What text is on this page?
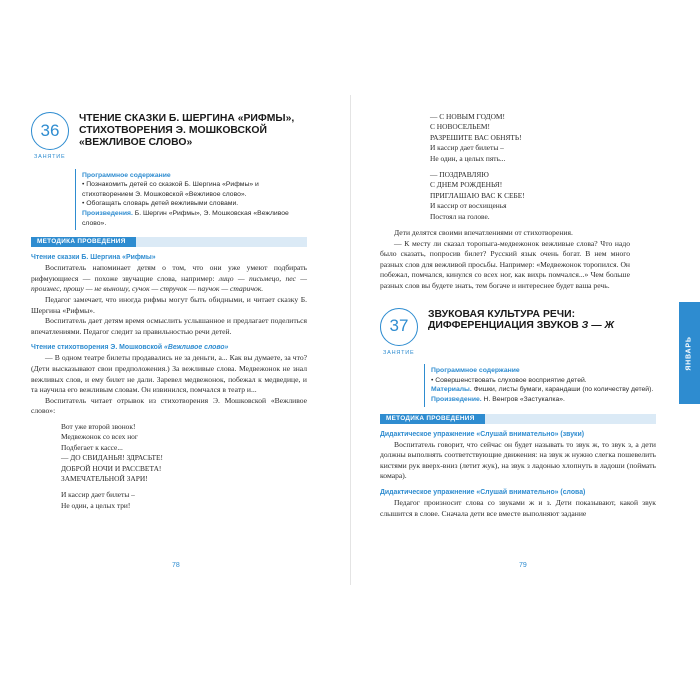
36
ЗАНЯТИЕ
ЧТЕНИЕ СКАЗКИ Б. ШЕРГИНА «РИФМЫ», СТИХОТВОРЕНИЯ Э. МОШКОВСКОЙ «ВЕЖЛИВОЕ СЛОВО»
Программное содержание
• Познакомить детей со сказкой Б. Шергина «Рифмы» и стихотворением Э. Мошковской «Вежливое слово».
• Обогащать словарь детей вежливыми словами.
Произведения. Б. Шергин «Рифмы», Э. Мошковская «Вежливое слово».
МЕТОДИКА ПРОВЕДЕНИЯ
Чтение сказки Б. Шергина «Рифмы»

Воспитатель напоминает детям о том, что они уже умеют подбирать рифмующиеся — похоже звучащие слова, например: лицо — письмецо, пес — произнес, прошу — не выношу, сучок — стручок — паучок — старичок.

Педагог замечает, что иногда рифмы могут быть обидными, и читает сказку Б. Шергина «Рифмы».

Воспитатель дает детям время осмыслить услышанное и предлагает поделиться впечатлениями. Педагог следит за правильностью речи детей.

Чтение стихотворения Э. Мошковской «Вежливое слово»

— В одном театре билеты продавались не за деньги, а... Как вы думаете, за что? (Дети высказывают свои предположения.) За вежливые слова. Медвежонок не знал вежливых слов, и ему билет не дали. Заревел медвежонок, побежал к медведице, и та научила его вежливым словам. Он извинился, помчался в театр и...

Воспитатель читает отрывок из стихотворения Э. Мошковской «Вежливое слово»:

Вот уже второй звонок!
Медвежонок со всех ног
Подбегает к кассе...
— ДО СВИДАНЬЯ! ЗДРАСЬТЕ!
ДОБРОЙ НОЧИ И РАССВЕТА!
ЗАМЕЧАТЕЛЬНОЙ ЗАРИ!
И кассир дает билеты –
Не один, а целых три!
78
— С НОВЫМ ГОДОМ!
С НОВОСЕЛЬЕМ!
РАЗРЕШИТЕ ВАС ОБНЯТЬ!
И кассир дает билеты –
Не один, а целых пять...
— ПОЗДРАВЛЯЮ
С ДНЕМ РОЖДЕНЬЯ!
ПРИГЛАШАЮ ВАС К СЕБЕ!
И кассир от восхищенья
Постоял на голове.

Дети делятся своими впечатлениями от стихотворения.

— К месту ли сказал торопыга-медвежонок вежливые слова? Что надо было сказать, попросив билет? Русский язык очень богат. В нем много разных слов для вежливой просьбы. Например: «Медвежонок торопился. Он побежал, помчался, кинулся со всех ног, как вихрь помчался...» Чем больше разных слов вы будете знать, тем богаче и интереснее будет ваша речь.

37
ЗАНЯТИЕ
ЗВУКОВАЯ КУЛЬТУРА РЕЧИ: ДИФФЕРЕНЦИАЦИЯ ЗВУКОВ З — Ж
Программное содержание
• Совершенствовать слуховое восприятие детей.
Материалы. Фишки, листы бумаги, карандаши (по количеству детей).
Произведение. Н. Венгров «Застукалка».
МЕТОДИКА ПРОВЕДЕНИЯ
Дидактическое упражнение «Слушай внимательно» (звуки)

Воспитатель говорит, что сейчас он будет называть то звук ж, то звук з, а дети должны выполнять соответствующие движения: на звук ж нужно слегка пошевелить кистями рук вверх-вниз (летит жук), на звук з ладонью хлопнуть в ладоши (поймать комара).

Дидактическое упражнение «Слушай внимательно» (слова)

Педагог произносит слова со звуками ж и з. Дети показывают, какой звук слышится в слове. Сначала дети все вместе выполняют задание

79
ЯНВАРЬ
